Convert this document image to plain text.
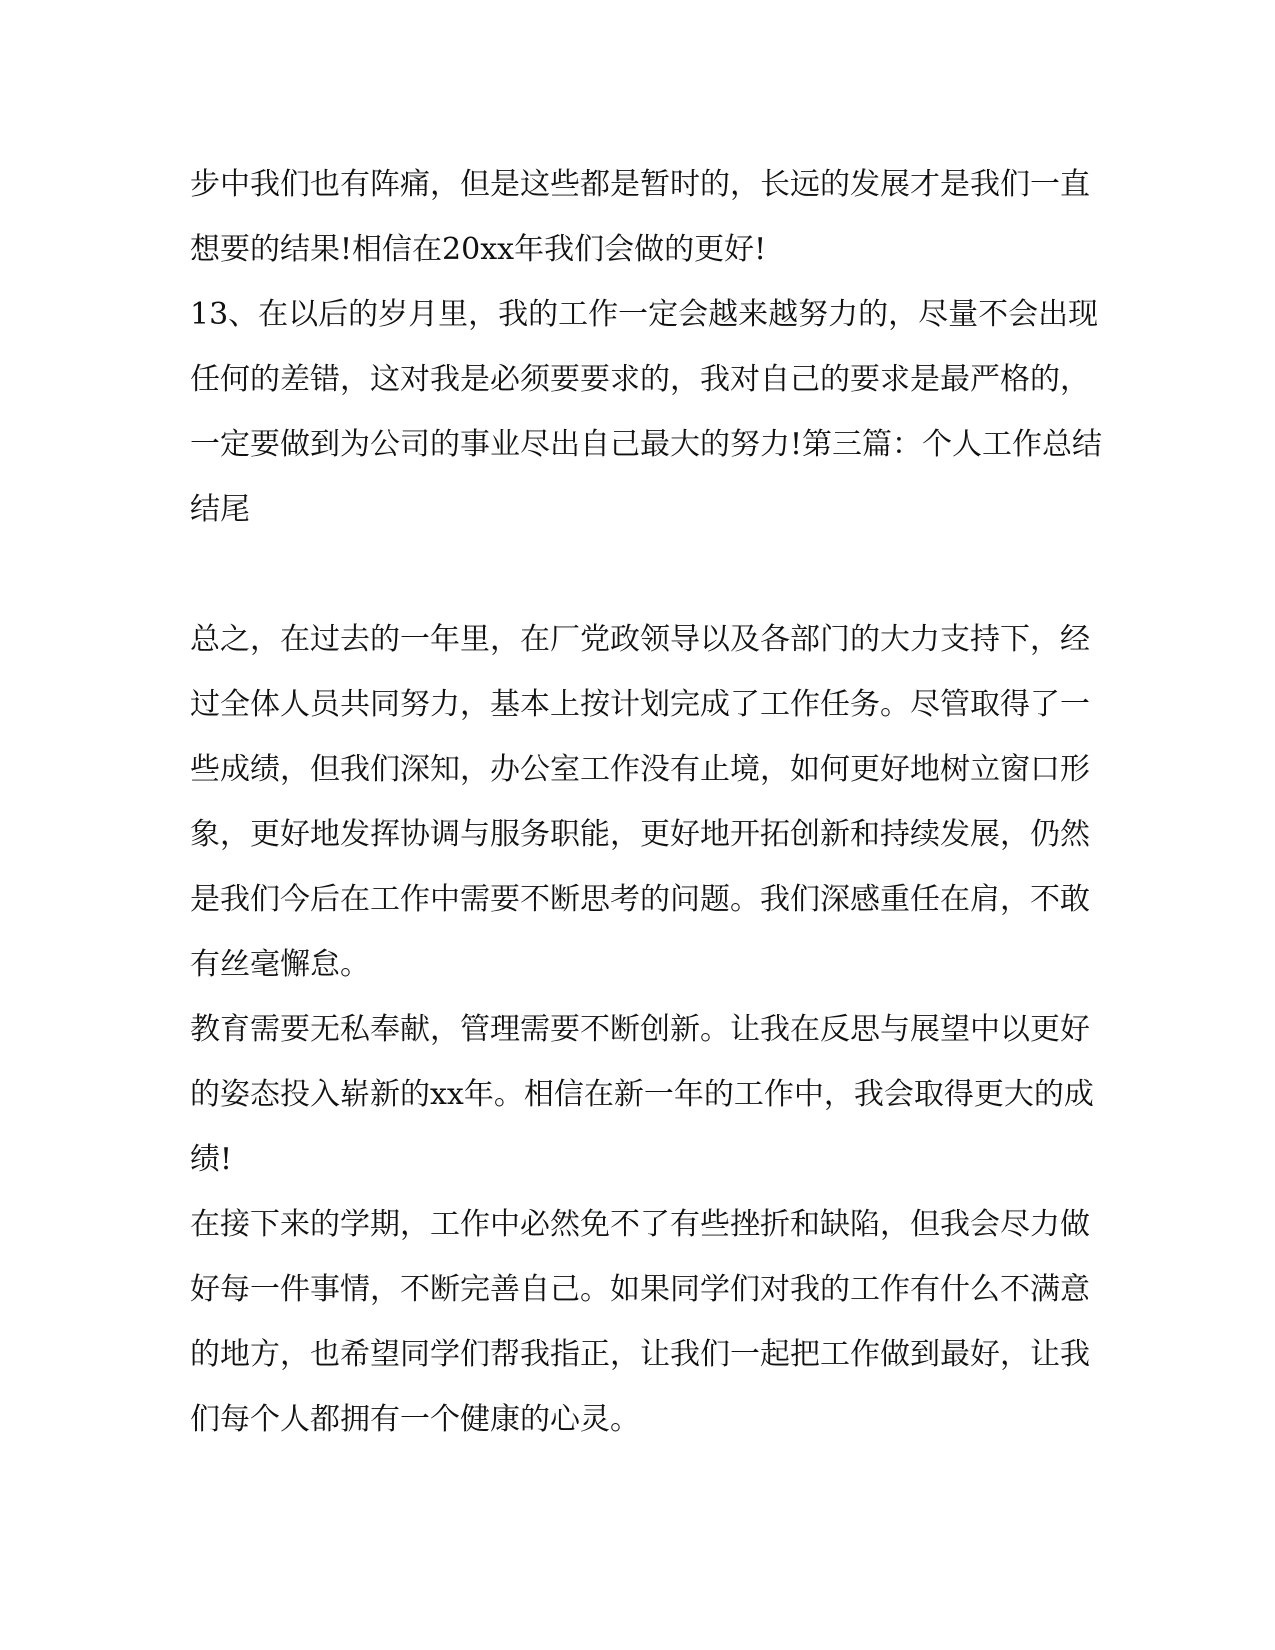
步中我们也有阵痛，但是这些都是暂时的，长远的发展才是我们一直
想要的结果!相信在20xx年我们会做的更好!
13、在以后的岁月里，我的工作一定会越来越努力的，尽量不会出现
任何的差错，这对我是必须要要求的，我对自己的要求是最严格的，
一定要做到为公司的事业尽出自己最大的努力!第三篇：个人工作总结
结尾
总之，在过去的一年里，在厂党政领导以及各部门的大力支持下，经
过全体人员共同努力，基本上按计划完成了工作任务。尽管取得了一
些成绩，但我们深知，办公室工作没有止境，如何更好地树立窗口形
象，更好地发挥协调与服务职能，更好地开拓创新和持续发展，仍然
是我们今后在工作中需要不断思考的问题。我们深感重任在肩，不敢
有丝毫懈怠。
教育需要无私奉献，管理需要不断创新。让我在反思与展望中以更好
的姿态投入崭新的xx年。相信在新一年的工作中，我会取得更大的成
绩!
在接下来的学期，工作中必然免不了有些挫折和缺陷，但我会尽力做
好每一件事情，不断完善自己。如果同学们对我的工作有什么不满意
的地方，也希望同学们帮我指正，让我们一起把工作做到最好，让我
们每个人都拥有一个健康的心灵。
